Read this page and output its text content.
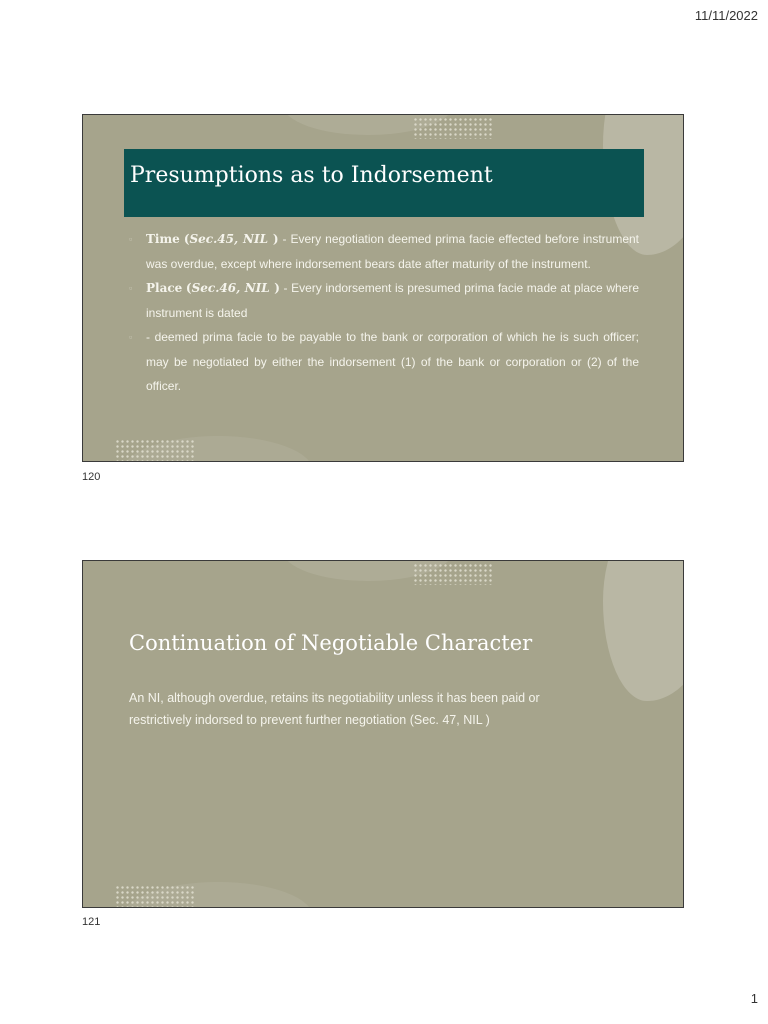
11/11/2022
Presumptions as to Indorsement
▫ Time (Sec.45, NIL ) - Every negotiation deemed prima facie effected before instrument was overdue, except where indorsement bears date after maturity of the instrument.
▫ Place (Sec.46, NIL ) - Every indorsement is presumed prima facie made at place where instrument is dated
▫ - deemed prima facie to be payable to the bank or corporation of which he is such officer; may be negotiated by either the indorsement (1) of the bank or corporation or (2) of the officer.
120
Continuation of Negotiable Character

An NI, although overdue, retains its negotiability unless it has been paid or restrictively indorsed to prevent further negotiation (Sec. 47, NIL )

121
1
